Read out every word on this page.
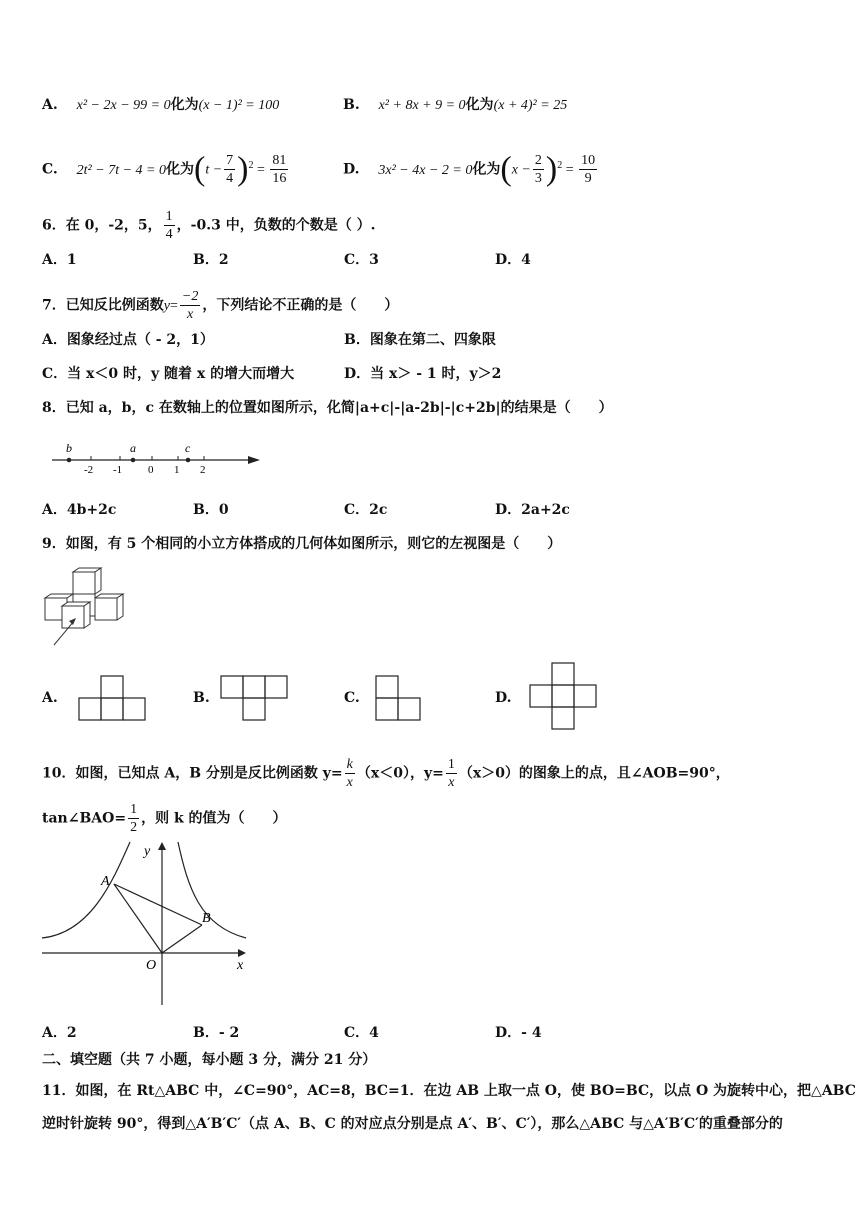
A. x² − 2x − 99 = 0化为(x − 1)² = 100	B. x² + 8x + 9 = 0化为(x + 4)² = 25
C. 2t² − 7t − 4 = 0化为$(t - \frac{7}{4} )^2 = \frac{81}{16}$	D. 3x² − 4x − 2 = 0化为$(x - \frac{2}{3} )^2 = \frac{10}{9}$
6．在 0，-2，5， $\frac{1}{4}$ ，-0.3 中，负数的个数是（ ）.
A．1	B．2	C．3	D．4
7．已知反比例函数$y= \frac{-2}{x}$ ，下列结论不正确的是（　　）
A．图象经过点（ - 2，1）	B．图象在第二、四象限
C．当 x＜0 时，y 随着 x 的增大而增大	D．当 x＞ - 1 时，y＞2
8．已知 a，b，c 在数轴上的位置如图所示，化简|a+c|-|a-2b|-|c+2b|的结果是（　　）
b	a	c
-2 -1 0 1 2
A．4b+2c	B．0	C．2c	D．2a+2c
9．如图，有 5 个相同的小立方体搭成的几何体如图所示，则它的左视图是（　　）
A.	B.	C.	D.
10．如图，已知点 A，B 分别是反比例函数 $y= \frac{k}{x} (x<0)$，$y= \frac{1}{x} (x>0)$的图象上的点，且∠AOB=90°，
tan∠BAO= $\frac{1}{2}$ ，则 k 的值为（　　）
y
x
O
A
B
A．2	B．- 2	C．4	D．- 4
二、填空题（共 7 小题，每小题 3 分，满分 21 分）
11．如图，在 Rt△ABC 中，∠C=90°，AC=8，BC=1．在边 AB 上取一点 O，使 BO=BC，以点 O 为旋转中心，把△ABC
逆时针旋转 90°，得到△A′B′C′（点 A、B、C 的对应点分别是点 A′、B′、C′），那么△ABC 与△A′B′C′的重叠部分的
